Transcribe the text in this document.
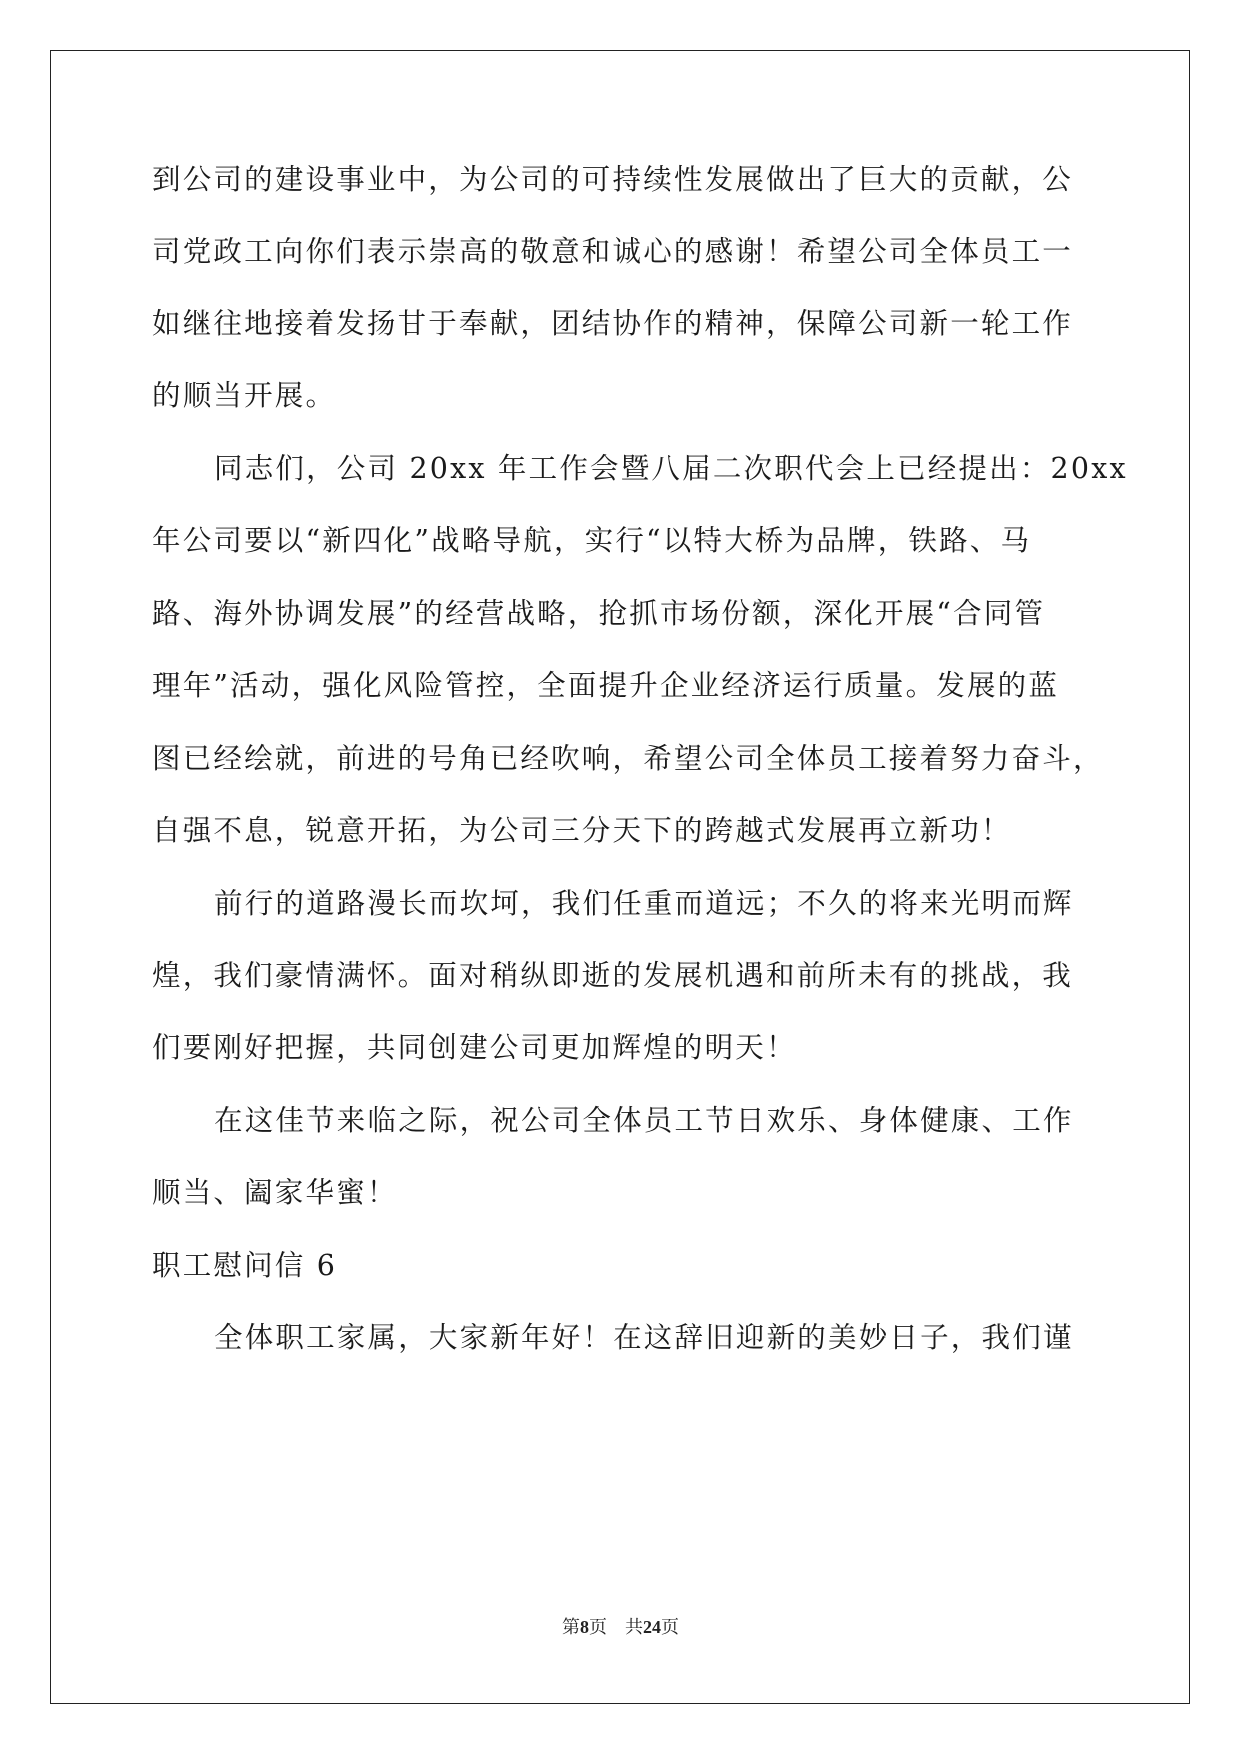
到公司的建设事业中，为公司的可持续性发展做出了巨大的贡献，公
司党政工向你们表示崇高的敬意和诚心的感谢！希望公司全体员工一
如继往地接着发扬甘于奉献，团结协作的精神，保障公司新一轮工作
的顺当开展。
同志们，公司 20xx 年工作会暨八届二次职代会上已经提出：20xx
年公司要以“新四化”战略导航，实行“以特大桥为品牌，铁路、马
路、海外协调发展”的经营战略，抢抓市场份额，深化开展“合同管
理年”活动，强化风险管控，全面提升企业经济运行质量。发展的蓝
图已经绘就，前进的号角已经吹响，希望公司全体员工接着努力奋斗，
自强不息，锐意开拓，为公司三分天下的跨越式发展再立新功！
前行的道路漫长而坎坷，我们任重而道远；不久的将来光明而辉
煌，我们豪情满怀。面对稍纵即逝的发展机遇和前所未有的挑战，我
们要刚好把握，共同创建公司更加辉煌的明天！
在这佳节来临之际，祝公司全体员工节日欢乐、身体健康、工作
顺当、阖家华蜜！
职工慰问信 6
全体职工家属，大家新年好！在这辞旧迎新的美妙日子，我们谨
第8页 共24页
